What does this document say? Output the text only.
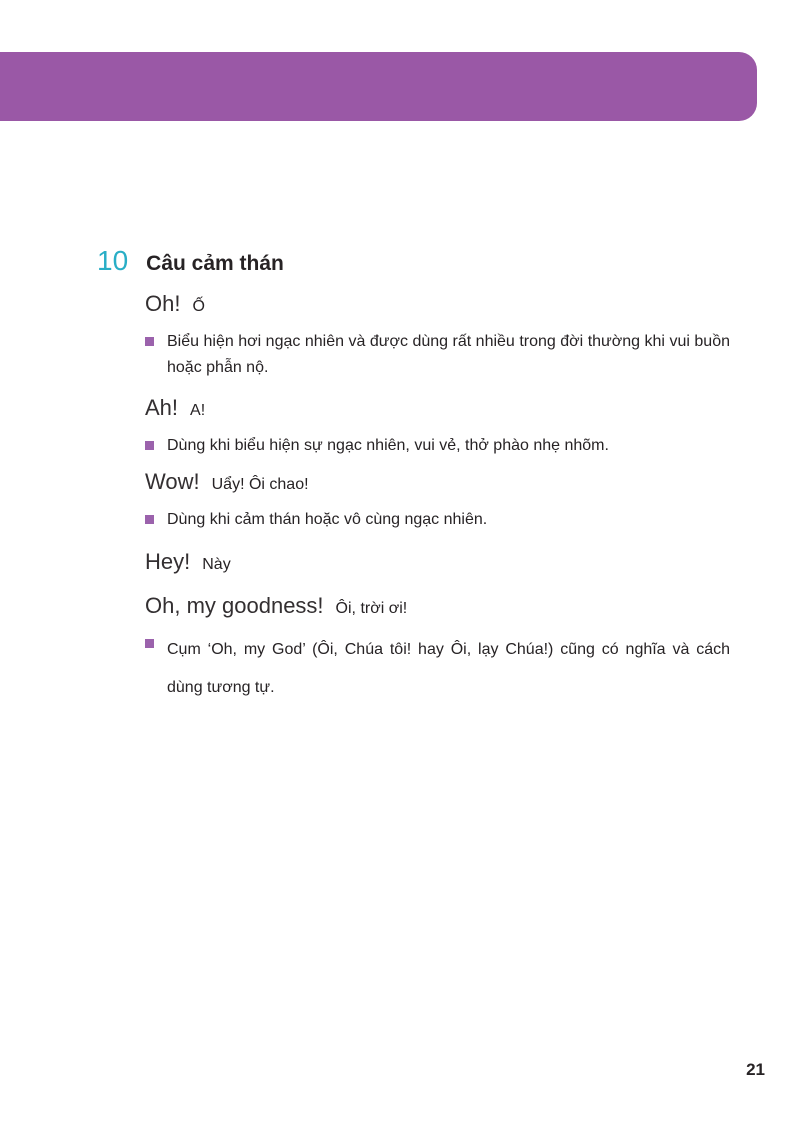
10 Câu cảm thán
Oh! Ố

Biểu hiện hơi ngạc nhiên và được dùng rất nhiều trong đời thường khi vui buồn hoặc phẫn nộ.

Ah! A!

Dùng khi biểu hiện sự ngạc nhiên, vui vẻ, thở phào nhẹ nhõm.

Wow! Uẩy! Ôi chao!

Dùng khi cảm thán hoặc vô cùng ngạc nhiên.

Hey! Này
Oh, my goodness! Ôi, trời ơi!

Cụm ‘Oh, my God’ (Ôi, Chúa tôi! hay Ôi, lạy Chúa!) cũng có nghĩa và cách dùng tương tự.

21
